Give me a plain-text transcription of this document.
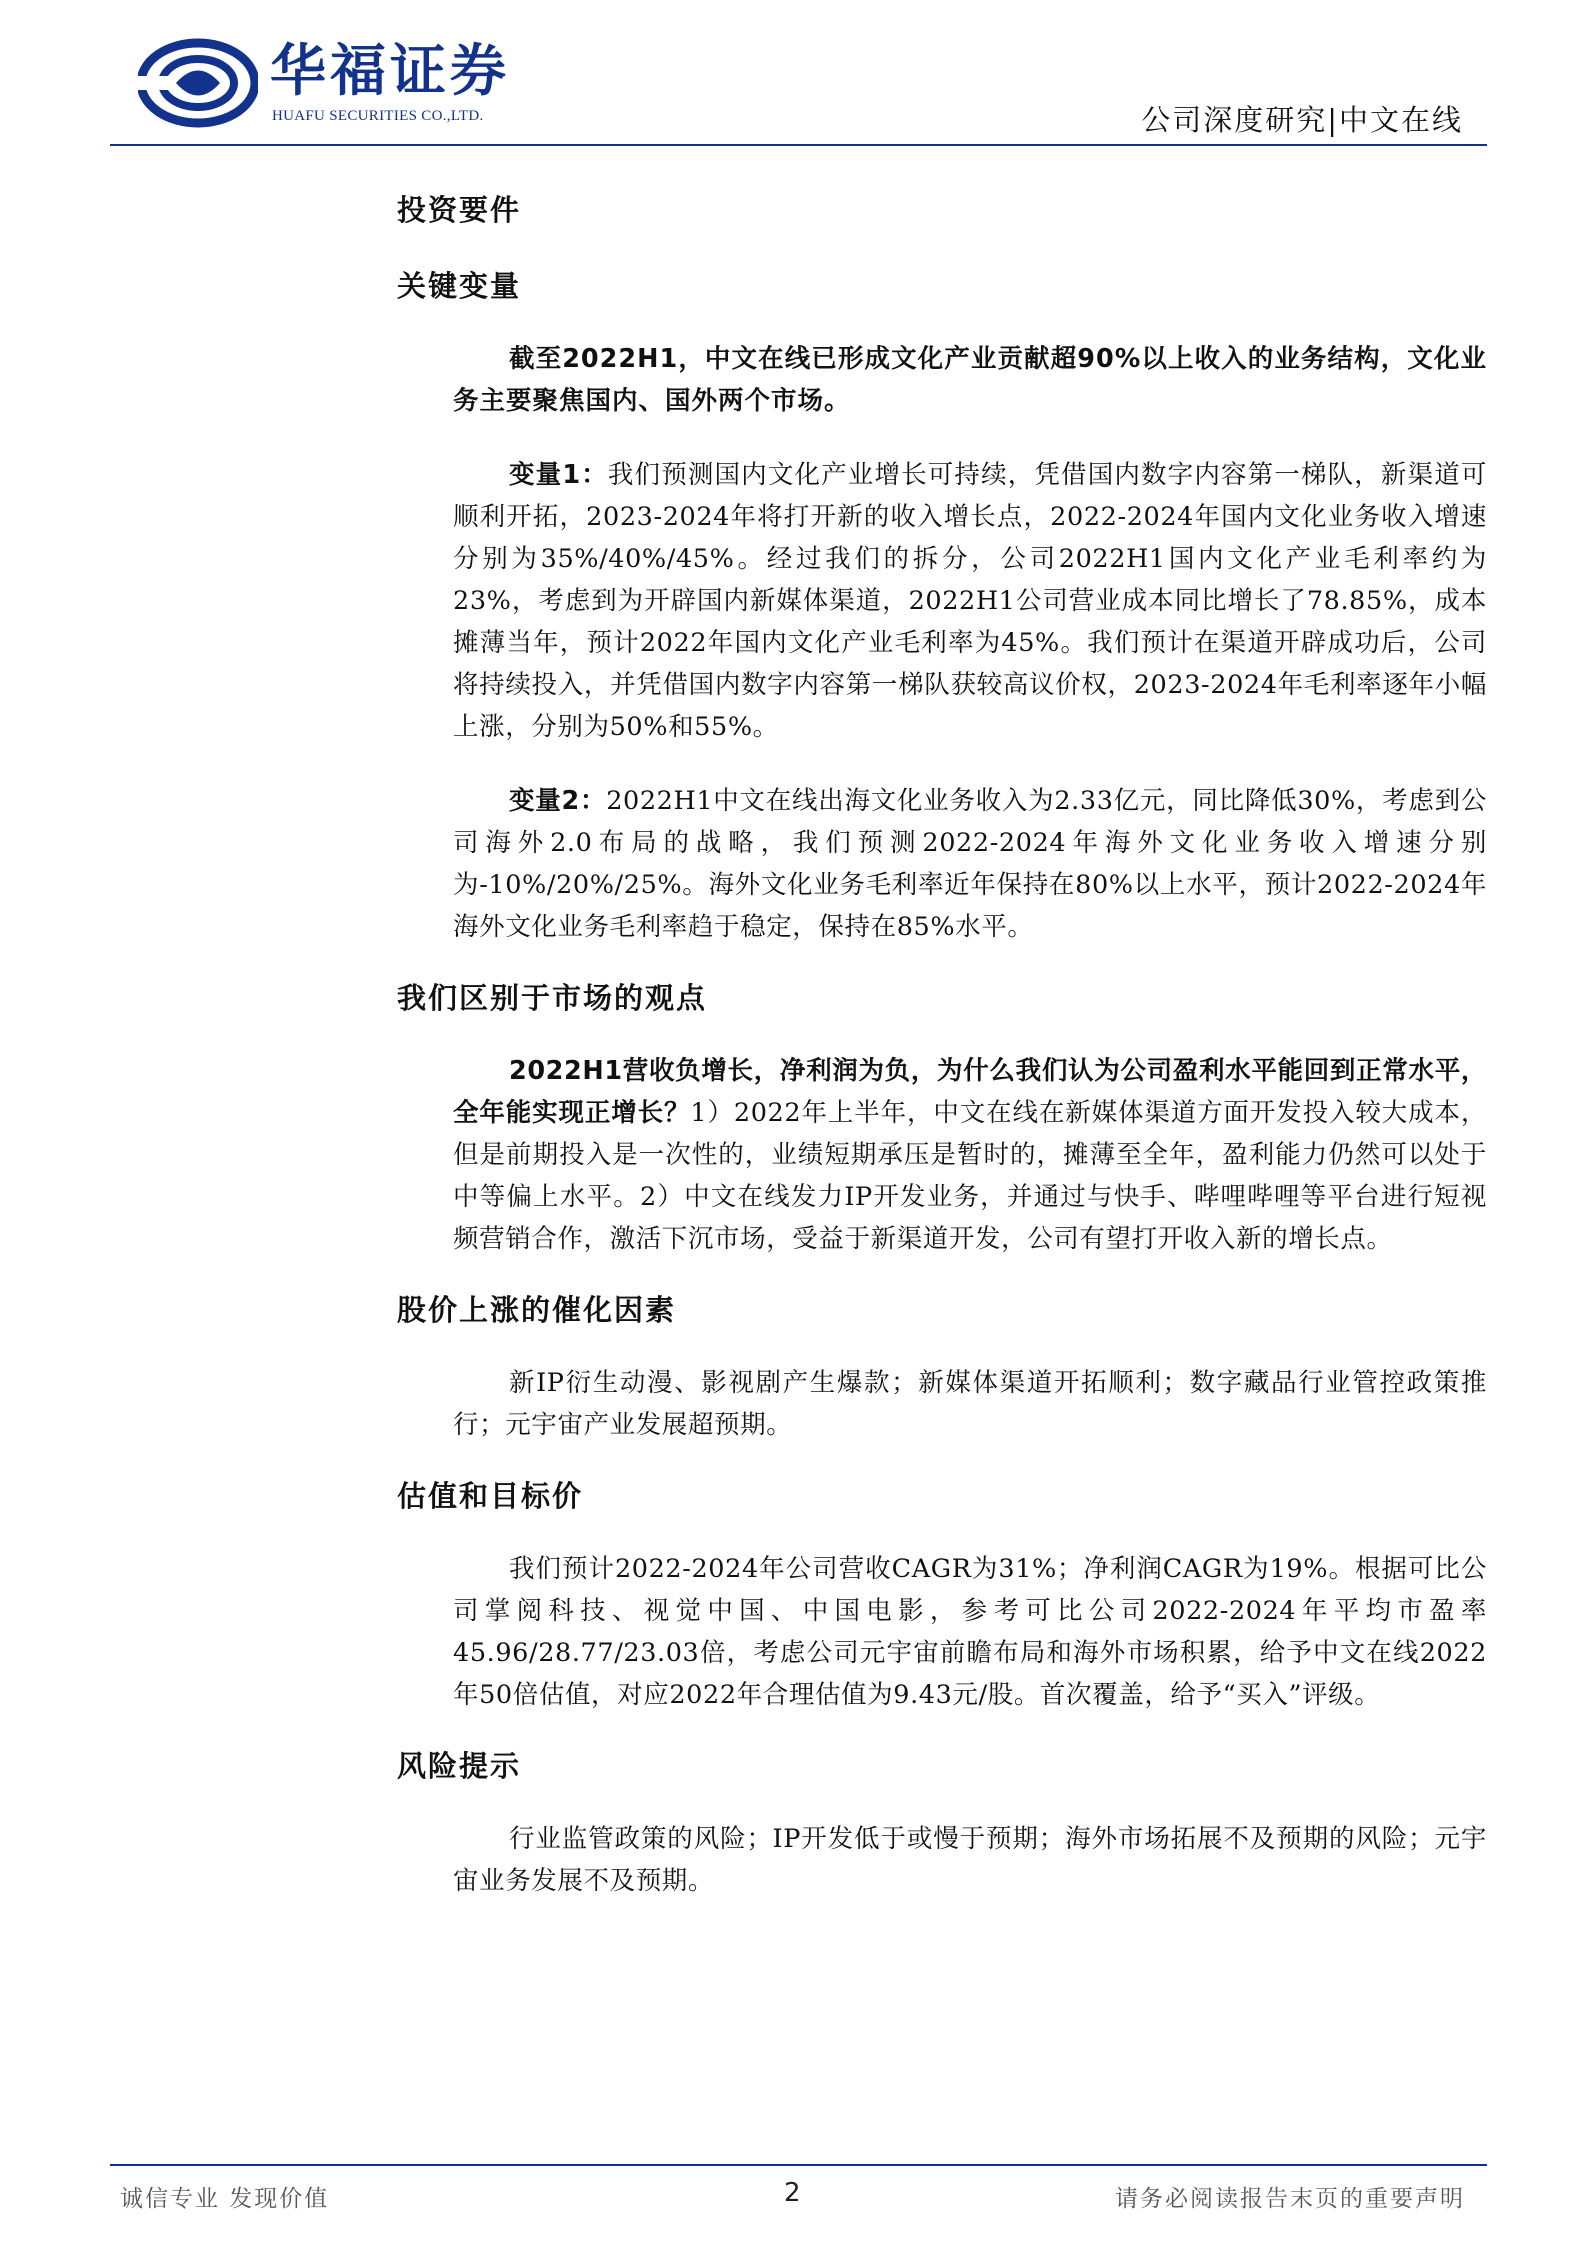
华福证券
HUAFU SECURITIES CO.,LTD.	公司深度研究|中文在线
投资要件
关键变量

截至2022H1，中文在线已形成文化产业贡献超90%以上收入的业务结构，文化业务主要聚焦国内、国外两个市场。

变量1：我们预测国内文化产业增长可持续，凭借国内数字内容第一梯队，新渠道可顺利开拓，2023-2024年将打开新的收入增长点，2022-2024年国内文化业务收入增速分别为35%/40%/45%。经过我们的拆分，公司2022H1国内文化产业毛利率约为23%，考虑到为开辟国内新媒体渠道，2022H1公司营业成本同比增长了78.85%，成本摊薄当年，预计2022年国内文化产业毛利率为45%。我们预计在渠道开辟成功后，公司将持续投入，并凭借国内数字内容第一梯队获较高议价权，2023-2024年毛利率逐年小幅上涨，分别为50%和55%。

变量2：2022H1中文在线出海文化业务收入为2.33亿元，同比降低30%，考虑到公司海外2.0布局的战略，我们预测2022-2024年海外文化业务收入增速分别为-10%/20%/25%。海外文化业务毛利率近年保持在80%以上水平，预计2022-2024年海外文化业务毛利率趋于稳定，保持在85%水平。

我们区别于市场的观点

2022H1营收负增长，净利润为负，为什么我们认为公司盈利水平能回到正常水平，全年能实现正增长？1）2022年上半年，中文在线在新媒体渠道方面开发投入较大成本，但是前期投入是一次性的，业绩短期承压是暂时的，摊薄至全年，盈利能力仍然可以处于中等偏上水平。2）中文在线发力IP开发业务，并通过与快手、哔哩哔哩等平台进行短视频营销合作，激活下沉市场，受益于新渠道开发，公司有望打开收入新的增长点。

股价上涨的催化因素

新IP衍生动漫、影视剧产生爆款；新媒体渠道开拓顺利；数字藏品行业管控政策推行；元宇宙产业发展超预期。

估值和目标价

我们预计2022-2024年公司营收CAGR为31%；净利润CAGR为19%。根据可比公司掌阅科技、视觉中国、中国电影，参考可比公司2022-2024年平均市盈率45.96/28.77/23.03倍，考虑公司元宇宙前瞻布局和海外市场积累，给予中文在线2022年50倍估值，对应2022年合理估值为9.43元/股。首次覆盖，给予“买入”评级。

风险提示

行业监管政策的风险；IP开发低于或慢于预期；海外市场拓展不及预期的风险；元宇宙业务发展不及预期。

诚信专业 发现价值	2	请务必阅读报告末页的重要声明
